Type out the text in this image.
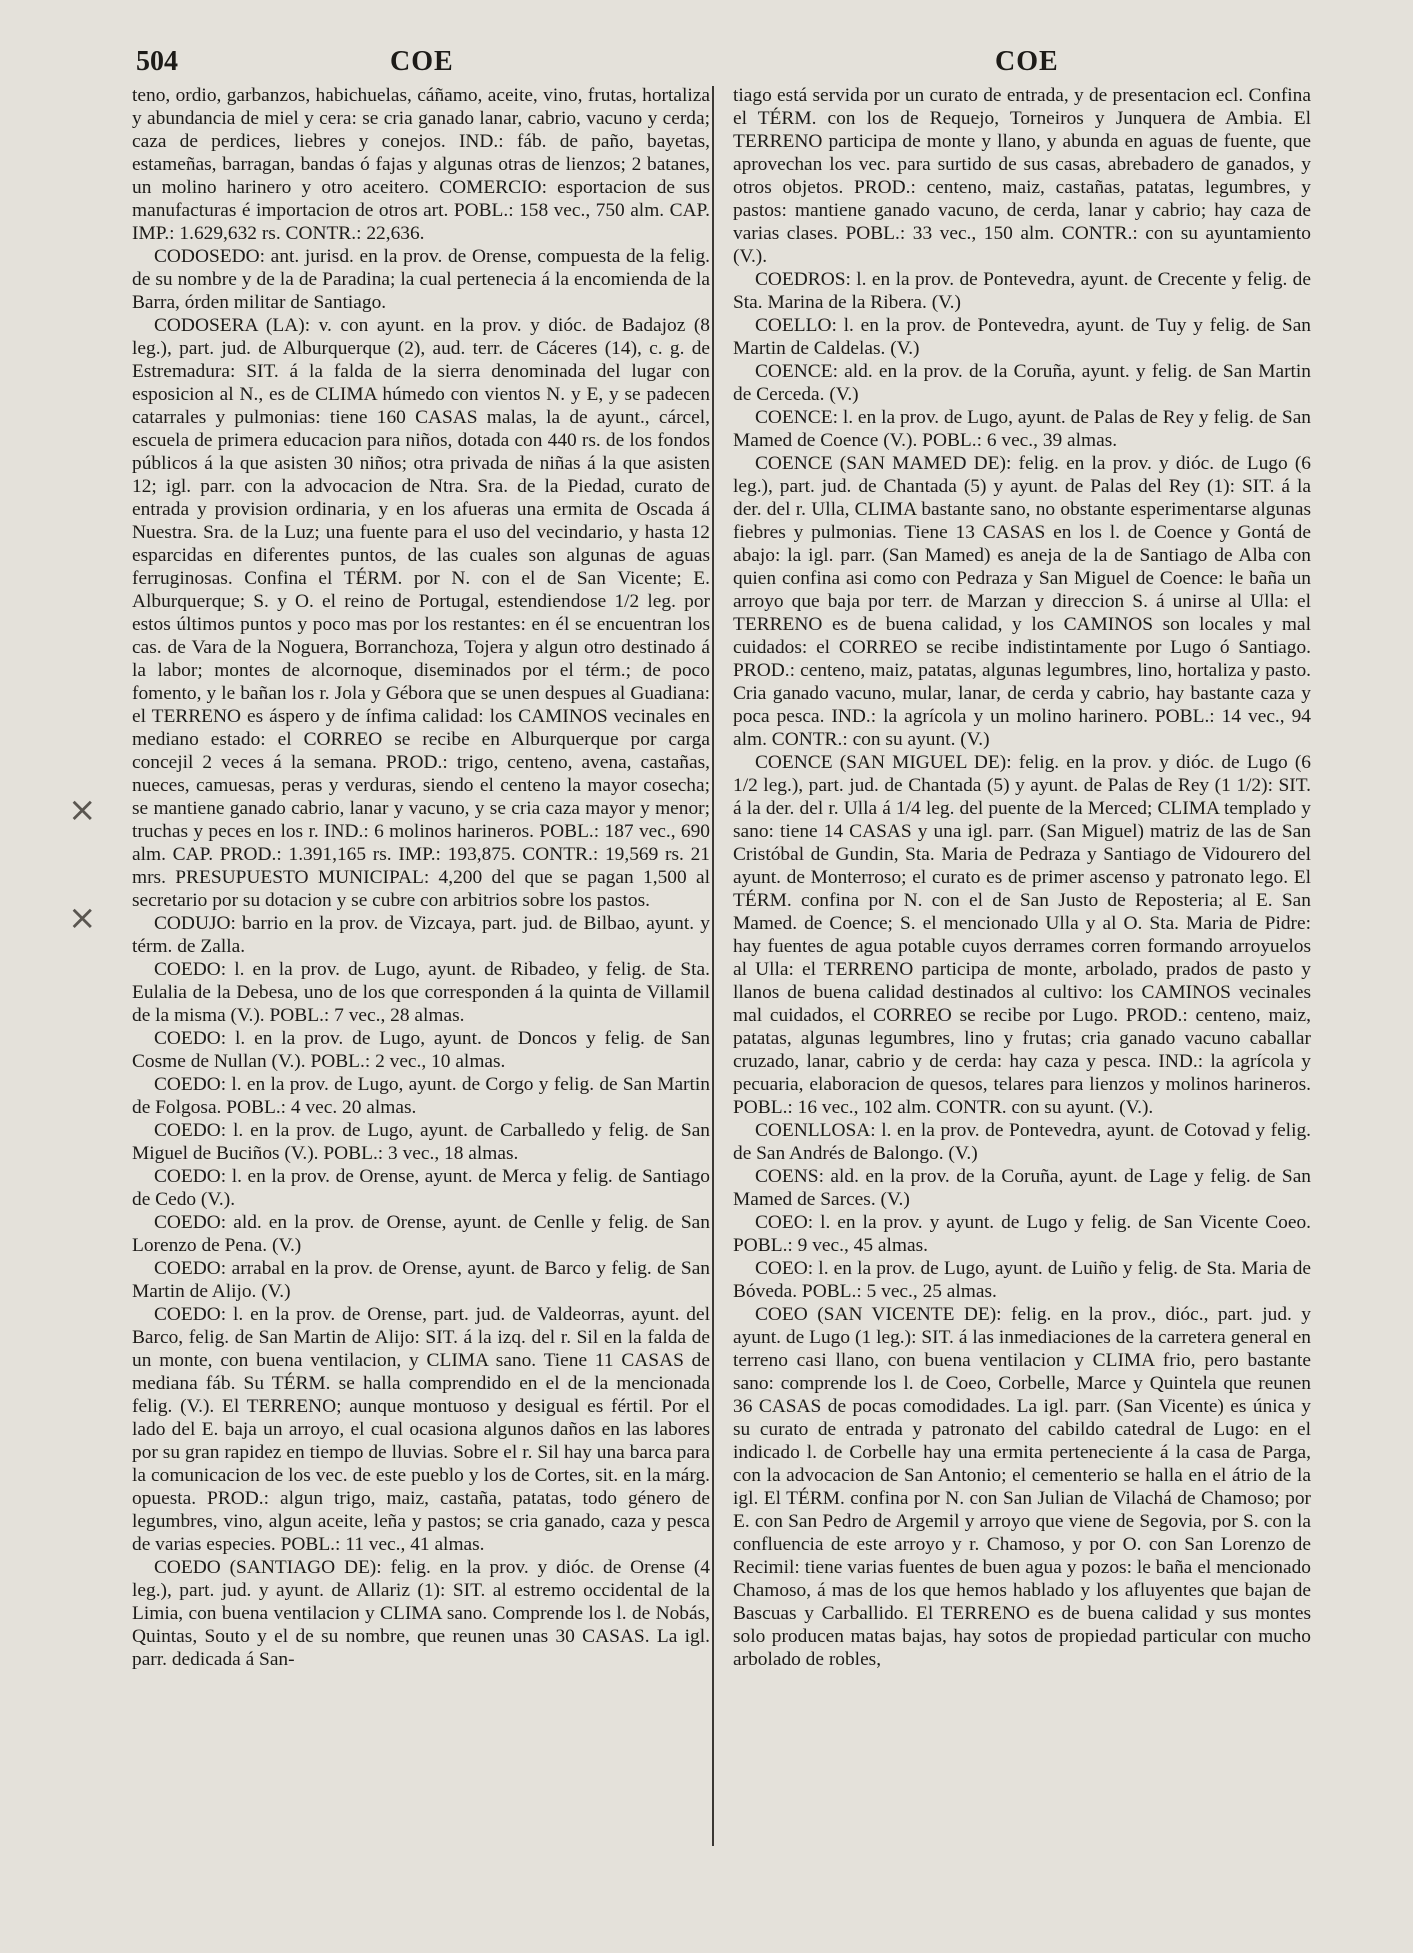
504	COE	COE
×
×

teno, ordio, garbanzos, habichuelas, cáñamo, aceite, vino, frutas, hortaliza y abundancia de miel y cera: se cria ganado lanar, cabrio, vacuno y cerda; caza de perdices, liebres y conejos. IND.: fáb. de paño, bayetas, estameñas, barragan, bandas ó fajas y algunas otras de lienzos; 2 batanes, un molino harinero y otro aceitero. COMERCIO: esportacion de sus manufacturas é importacion de otros art. POBL.: 158 vec., 750 alm. CAP. IMP.: 1.629,632 rs. CONTR.: 22,636.

CODOSEDO: ant. jurisd. en la prov. de Orense, compuesta de la felig. de su nombre y de la de Paradina; la cual pertenecia á la encomienda de la Barra, órden militar de Santiago.

CODOSERA (LA): v. con ayunt. en la prov. y dióc. de Badajoz (8 leg.), part. jud. de Alburquerque (2), aud. terr. de Cáceres (14), c. g. de Estremadura: SIT. á la falda de la sierra denominada del lugar con esposicion al N., es de CLIMA húmedo con vientos N. y E, y se padecen catarrales y pulmonias: tiene 160 CASAS malas, la de ayunt., cárcel, escuela de primera educacion para niños, dotada con 440 rs. de los fondos públicos á la que asisten 30 niños; otra privada de niñas á la que asisten 12; igl. parr. con la advocacion de Ntra. Sra. de la Piedad, curato de entrada y provision ordinaria, y en los afueras una ermita de Oscada á Nuestra. Sra. de la Luz; una fuente para el uso del vecindario, y hasta 12 esparcidas en diferentes puntos, de las cuales son algunas de aguas ferruginosas. Confina el TÉRM. por N. con el de San Vicente; E. Alburquerque; S. y O. el reino de Portugal, estendiendose 1/2 leg. por estos últimos puntos y poco mas por los restantes: en él se encuentran los cas. de Vara de la Noguera, Borranchoza, Tojera y algun otro destinado á la labor; montes de alcornoque, diseminados por el térm.; de poco fomento, y le bañan los r. Jola y Gébora que se unen despues al Guadiana: el TERRENO es áspero y de ínfima calidad: los CAMINOS vecinales en mediano estado: el CORREO se recibe en Alburquerque por carga concejil 2 veces á la semana. PROD.: trigo, centeno, avena, castañas, nueces, camuesas, peras y verduras, siendo el centeno la mayor cosecha; se mantiene ganado cabrio, lanar y vacuno, y se cria caza mayor y menor; truchas y peces en los r. IND.: 6 molinos harineros. POBL.: 187 vec., 690 alm. CAP. PROD.: 1.391,165 rs. IMP.: 193,875. CONTR.: 19,569 rs. 21 mrs. PRESUPUESTO MUNICIPAL: 4,200 del que se pagan 1,500 al secretario por su dotacion y se cubre con arbitrios sobre los pastos.

CODUJO: barrio en la prov. de Vizcaya, part. jud. de Bilbao, ayunt. y térm. de Zalla.

COEDO: l. en la prov. de Lugo, ayunt. de Ribadeo, y felig. de Sta. Eulalia de la Debesa, uno de los que corresponden á la quinta de Villamil de la misma (V.). POBL.: 7 vec., 28 almas.

COEDO: l. en la prov. de Lugo, ayunt. de Doncos y felig. de San Cosme de Nullan (V.). POBL.: 2 vec., 10 almas.

COEDO: l. en la prov. de Lugo, ayunt. de Corgo y felig. de San Martin de Folgosa. POBL.: 4 vec. 20 almas.

COEDO: l. en la prov. de Lugo, ayunt. de Carballedo y felig. de San Miguel de Buciños (V.). POBL.: 3 vec., 18 almas.

COEDO: l. en la prov. de Orense, ayunt. de Merca y felig. de Santiago de Cedo (V.).

COEDO: ald. en la prov. de Orense, ayunt. de Cenlle y felig. de San Lorenzo de Pena. (V.)

COEDO: arrabal en la prov. de Orense, ayunt. de Barco y felig. de San Martin de Alijo. (V.)

COEDO: l. en la prov. de Orense, part. jud. de Valdeorras, ayunt. del Barco, felig. de San Martin de Alijo: SIT. á la izq. del r. Sil en la falda de un monte, con buena ventilacion, y CLIMA sano. Tiene 11 CASAS de mediana fáb. Su TÉRM. se halla comprendido en el de la mencionada felig. (V.). El TERRENO; aunque montuoso y desigual es fértil. Por el lado del E. baja un arroyo, el cual ocasiona algunos daños en las labores por su gran rapidez en tiempo de lluvias. Sobre el r. Sil hay una barca para la comunicacion de los vec. de este pueblo y los de Cortes, sit. en la márg. opuesta. PROD.: algun trigo, maiz, castaña, patatas, todo género de legumbres, vino, algun aceite, leña y pastos; se cria ganado, caza y pesca de varias especies. POBL.: 11 vec., 41 almas.

COEDO (SANTIAGO DE): felig. en la prov. y dióc. de Orense (4 leg.), part. jud. y ayunt. de Allariz (1): SIT. al estremo occidental de la Limia, con buena ventilacion y CLIMA sano. Comprende los l. de Nobás, Quintas, Souto y el de su nombre, que reunen unas 30 CASAS. La igl. parr. dedicada á San-

tiago está servida por un curato de entrada, y de presentacion ecl. Confina el TÉRM. con los de Requejo, Torneiros y Junquera de Ambia. El TERRENO participa de monte y llano, y abunda en aguas de fuente, que aprovechan los vec. para surtido de sus casas, abrebadero de ganados, y otros objetos. PROD.: centeno, maiz, castañas, patatas, legumbres, y pastos: mantiene ganado vacuno, de cerda, lanar y cabrio; hay caza de varias clases. POBL.: 33 vec., 150 alm. CONTR.: con su ayuntamiento (V.).

COEDROS: l. en la prov. de Pontevedra, ayunt. de Crecente y felig. de Sta. Marina de la Ribera. (V.)

COELLO: l. en la prov. de Pontevedra, ayunt. de Tuy y felig. de San Martin de Caldelas. (V.)

COENCE: ald. en la prov. de la Coruña, ayunt. y felig. de San Martin de Cerceda. (V.)

COENCE: l. en la prov. de Lugo, ayunt. de Palas de Rey y felig. de San Mamed de Coence (V.). POBL.: 6 vec., 39 almas.

COENCE (SAN MAMED DE): felig. en la prov. y dióc. de Lugo (6 leg.), part. jud. de Chantada (5) y ayunt. de Palas del Rey (1): SIT. á la der. del r. Ulla, CLIMA bastante sano, no obstante esperimentarse algunas fiebres y pulmonias. Tiene 13 CASAS en los l. de Coence y Gontá de abajo: la igl. parr. (San Mamed) es aneja de la de Santiago de Alba con quien confina asi como con Pedraza y San Miguel de Coence: le baña un arroyo que baja por terr. de Marzan y direccion S. á unirse al Ulla: el TERRENO es de buena calidad, y los CAMINOS son locales y mal cuidados: el CORREO se recibe indistintamente por Lugo ó Santiago. PROD.: centeno, maiz, patatas, algunas legumbres, lino, hortaliza y pasto. Cria ganado vacuno, mular, lanar, de cerda y cabrio, hay bastante caza y poca pesca. IND.: la agrícola y un molino harinero. POBL.: 14 vec., 94 alm. CONTR.: con su ayunt. (V.)

COENCE (SAN MIGUEL DE): felig. en la prov. y dióc. de Lugo (6 1/2 leg.), part. jud. de Chantada (5) y ayunt. de Palas de Rey (1 1/2): SIT. á la der. del r. Ulla á 1/4 leg. del puente de la Merced; CLIMA templado y sano: tiene 14 CASAS y una igl. parr. (San Miguel) matriz de las de San Cristóbal de Gundin, Sta. Maria de Pedraza y Santiago de Vidourero del ayunt. de Monterroso; el curato es de primer ascenso y patronato lego. El TÉRM. confina por N. con el de San Justo de Reposteria; al E. San Mamed. de Coence; S. el mencionado Ulla y al O. Sta. Maria de Pidre: hay fuentes de agua potable cuyos derrames corren formando arroyuelos al Ulla: el TERRENO participa de monte, arbolado, prados de pasto y llanos de buena calidad destinados al cultivo: los CAMINOS vecinales mal cuidados, el CORREO se recibe por Lugo. PROD.: centeno, maiz, patatas, algunas legumbres, lino y frutas; cria ganado vacuno caballar cruzado, lanar, cabrio y de cerda: hay caza y pesca. IND.: la agrícola y pecuaria, elaboracion de quesos, telares para lienzos y molinos harineros. POBL.: 16 vec., 102 alm. CONTR. con su ayunt. (V.).

COENLLOSA: l. en la prov. de Pontevedra, ayunt. de Cotovad y felig. de San Andrés de Balongo. (V.)

COENS: ald. en la prov. de la Coruña, ayunt. de Lage y felig. de San Mamed de Sarces. (V.)

COEO: l. en la prov. y ayunt. de Lugo y felig. de San Vicente Coeo. POBL.: 9 vec., 45 almas.

COEO: l. en la prov. de Lugo, ayunt. de Luiño y felig. de Sta. Maria de Bóveda. POBL.: 5 vec., 25 almas.

COEO (SAN VICENTE DE): felig. en la prov., dióc., part. jud. y ayunt. de Lugo (1 leg.): SIT. á las inmediaciones de la carretera general en terreno casi llano, con buena ventilacion y CLIMA frio, pero bastante sano: comprende los l. de Coeo, Corbelle, Marce y Quintela que reunen 36 CASAS de pocas comodidades. La igl. parr. (San Vicente) es única y su curato de entrada y patronato del cabildo catedral de Lugo: en el indicado l. de Corbelle hay una ermita perteneciente á la casa de Parga, con la advocacion de San Antonio; el cementerio se halla en el átrio de la igl. El TÉRM. confina por N. con San Julian de Vilachá de Chamoso; por E. con San Pedro de Argemil y arroyo que viene de Segovia, por S. con la confluencia de este arroyo y r. Chamoso, y por O. con San Lorenzo de Recimil: tiene varias fuentes de buen agua y pozos: le baña el mencionado Chamoso, á mas de los que hemos hablado y los afluyentes que bajan de Bascuas y Carballido. El TERRENO es de buena calidad y sus montes solo producen matas bajas, hay sotos de propiedad particular con mucho arbolado de robles,
